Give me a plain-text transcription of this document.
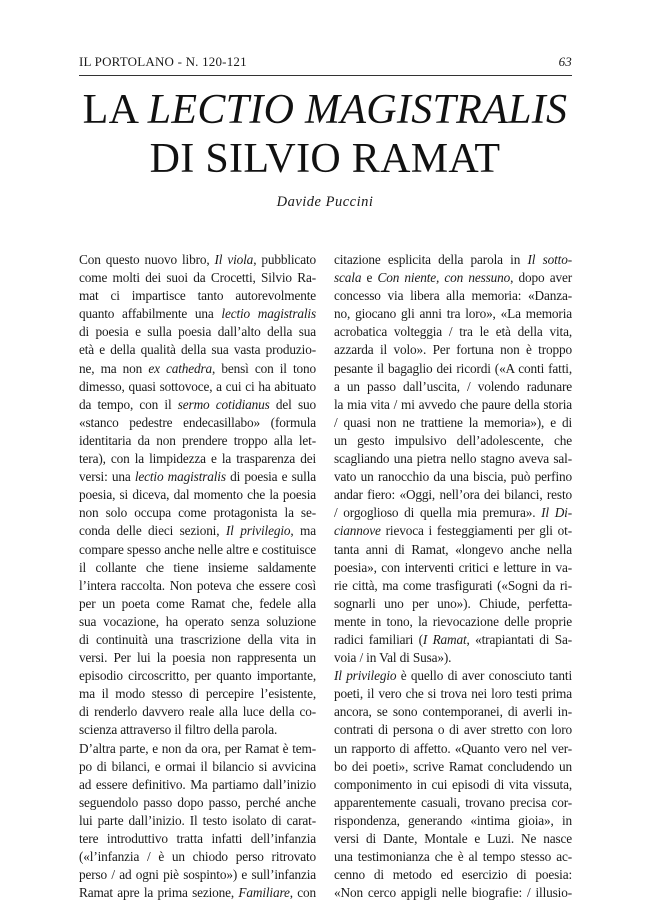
IL PORTOLANO - N. 120-121	63
LA LECTIO MAGISTRALIS
DI SILVIO RAMAT
Davide Puccini
Con questo nuovo libro, Il viola, pubblicato
come molti dei suoi da Crocetti, Silvio Ra-
mat ci impartisce tanto autorevolmente
quanto affabilmente una lectio magistralis
di poesia e sulla poesia dall’alto della sua
età e della qualità della sua vasta produzio-
ne, ma non ex cathedra, bensì con il tono
dimesso, quasi sottovoce, a cui ci ha abituato
da tempo, con il sermo cotidianus del suo
«stanco pedestre endecasillabo» (formula
identitaria da non prendere troppo alla let-
tera), con la limpidezza e la trasparenza dei
versi: una lectio magistralis di poesia e sulla
poesia, si diceva, dal momento che la poesia
non solo occupa come protagonista la se-
conda delle dieci sezioni, Il privilegio, ma
compare spesso anche nelle altre e costituisce
il collante che tiene insieme saldamente
l’intera raccolta. Non poteva che essere così
per un poeta come Ramat che, fedele alla
sua vocazione, ha operato senza soluzione
di continuità una trascrizione della vita in
versi. Per lui la poesia non rappresenta un
episodio circoscritto, per quanto importante,
ma il modo stesso di percepire l’esistente,
di renderlo davvero reale alla luce della co-
scienza attraverso il filtro della parola.
D’altra parte, e non da ora, per Ramat è tem-
po di bilanci, e ormai il bilancio si avvicina
ad essere definitivo. Ma partiamo dall’inizio
seguendolo passo dopo passo, perché anche
lui parte dall’inizio. Il testo isolato di carat-
tere introduttivo tratta infatti dell’infanzia
(«l’infanzia / è un chiodo perso ritrovato
perso / ad ogni piè sospinto») e sull’infanzia
Ramat apre la prima sezione, Familiare, con
citazione esplicita della parola in Il sotto-
scala e Con niente, con nessuno, dopo aver
concesso via libera alla memoria: «Danza-
no, giocano gli anni tra loro», «La memoria
acrobatica volteggia / tra le età della vita,
azzarda il volo». Per fortuna non è troppo
pesante il bagaglio dei ricordi («A conti fatti,
a un passo dall’uscita, / volendo radunare
la mia vita / mi avvedo che paure della storia
/ quasi non ne trattiene la memoria»), e di
un gesto impulsivo dell’adolescente, che
scagliando una pietra nello stagno aveva sal-
vato un ranocchio da una biscia, può perfino
andar fiero: «Oggi, nell’ora dei bilanci, resto
/ orgoglioso di quella mia premura». Il Di-
ciannove rievoca i festeggiamenti per gli ot-
tanta anni di Ramat, «longevo anche nella
poesia», con interventi critici e letture in va-
rie città, ma come trasfigurati («Sogni da ri-
sognarli uno per uno»). Chiude, perfetta-
mente in tono, la rievocazione delle proprie
radici familiari (I Ramat, «trapiantati di Sa-
voia / in Val di Susa»).
Il privilegio è quello di aver conosciuto tanti
poeti, il vero che si trova nei loro testi prima
ancora, se sono contemporanei, di averli in-
contrati di persona o di aver stretto con loro
un rapporto di affetto. «Quanto vero nel ver-
bo dei poeti», scrive Ramat concludendo un
componimento in cui episodi di vita vissuta,
apparentemente casuali, trovano precisa cor-
rispondenza, generando «intima gioia», in
versi di Dante, Montale e Luzi. Ne nasce
una testimonianza che è al tempo stesso ac-
cenno di metodo ed esercizio di poesia:
«Non cerco appigli nelle biografie: / illusio-
